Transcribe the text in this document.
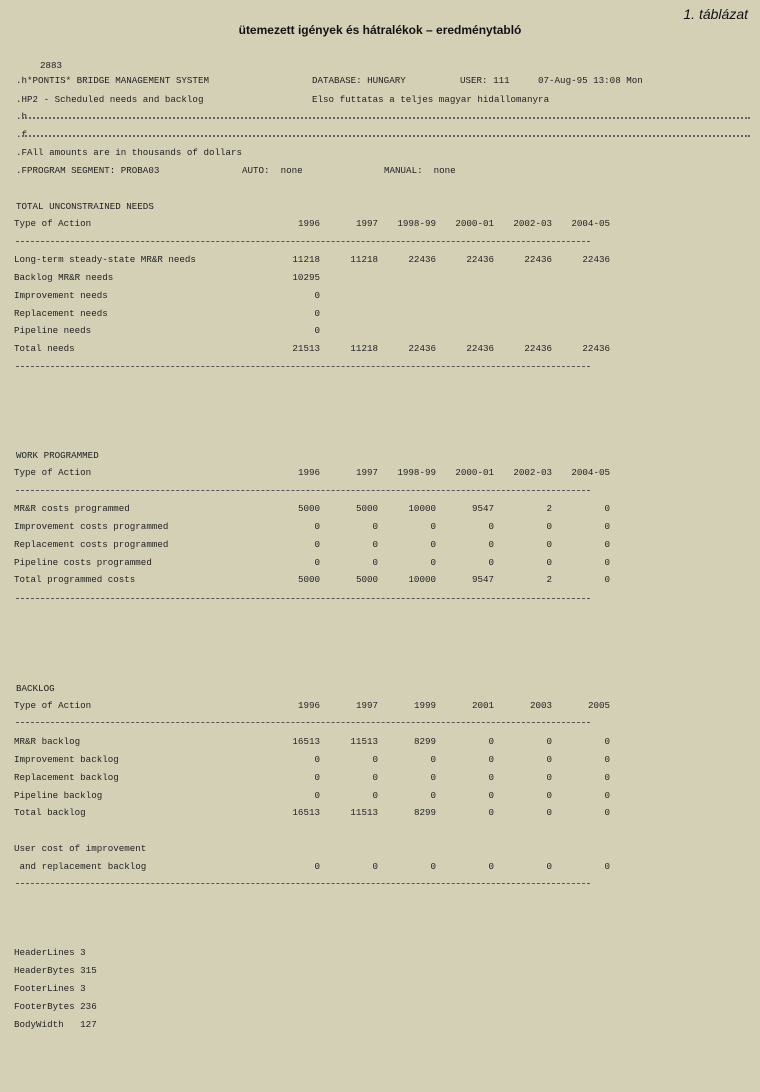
1. táblázat
ütemezett igények és hátralékok – eredménytabló
2883
.h*PONTIS* BRIDGE MANAGEMENT SYSTEM	DATABASE: HUNGARY	USER: 111	07-Aug-95 13:08 Mon
.HP2 - Scheduled needs and backlog	Elso futtatas a teljes magyar hidallomanyra
.h
.f
.FAll amounts are in thousands of dollars
.FPROGRAM SEGMENT: PROBA03	AUTO:  none	MANUAL:  none
TOTAL UNCONSTRAINED NEEDS
Type of Action	1996	1997	1998-99	2000-01	2002-03	2004-05

Long-term steady-state MR&R needs	11218	11218	22436	22436	22436	22436
Backlog MR&R needs	10295					
Improvement needs	0					
Replacement needs	0					
Pipeline needs	0					
Total needs	21513	11218	22436	22436	22436	22436
WORK PROGRAMMED
Type of Action	1996	1997	1998-99	2000-01	2002-03	2004-05

MR&R costs programmed	5000	5000	10000	9547	2	0
Improvement costs programmed	0	0	0	0	0	0
Replacement costs programmed	0	0	0	0	0	0
Pipeline costs programmed	0	0	0	0	0	0
Total programmed costs	5000	5000	10000	9547	2	0
BACKLOG
Type of Action	1996	1997	1999	2001	2003	2005

MR&R backlog	16513	11513	8299	0	0	0
Improvement backlog	0	0	0	0	0	0
Replacement backlog	0	0	0	0	0	0
Pipeline backlog	0	0	0	0	0	0
Total backlog	16513	11513	8299	0	0	0
User cost of improvement						
and replacement backlog	0	0	0	0	0	0
HeaderLines 3
HeaderBytes 315
FooterLines 3
FooterBytes 236
BodyWidth   127
